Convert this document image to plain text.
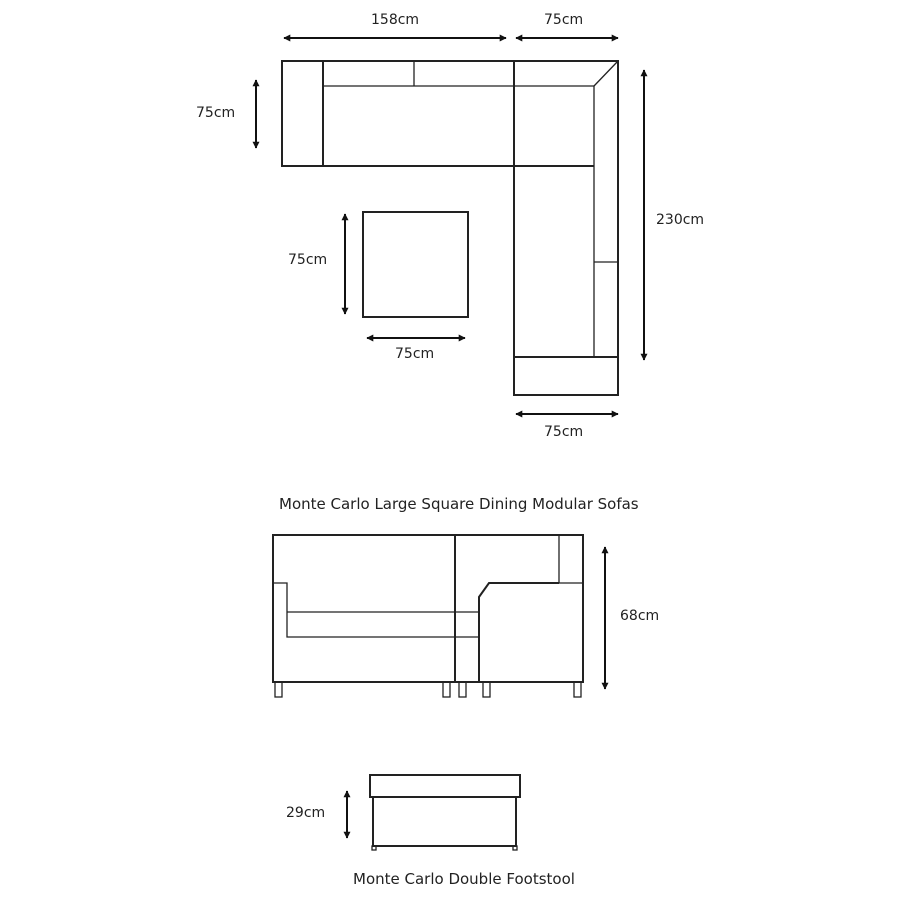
158cm	75cm
75cm
230cm
75cm
75cm
75cm
Monte Carlo Large Square Dining Modular Sofas
68cm
29cm
Monte Carlo Double Footstool
